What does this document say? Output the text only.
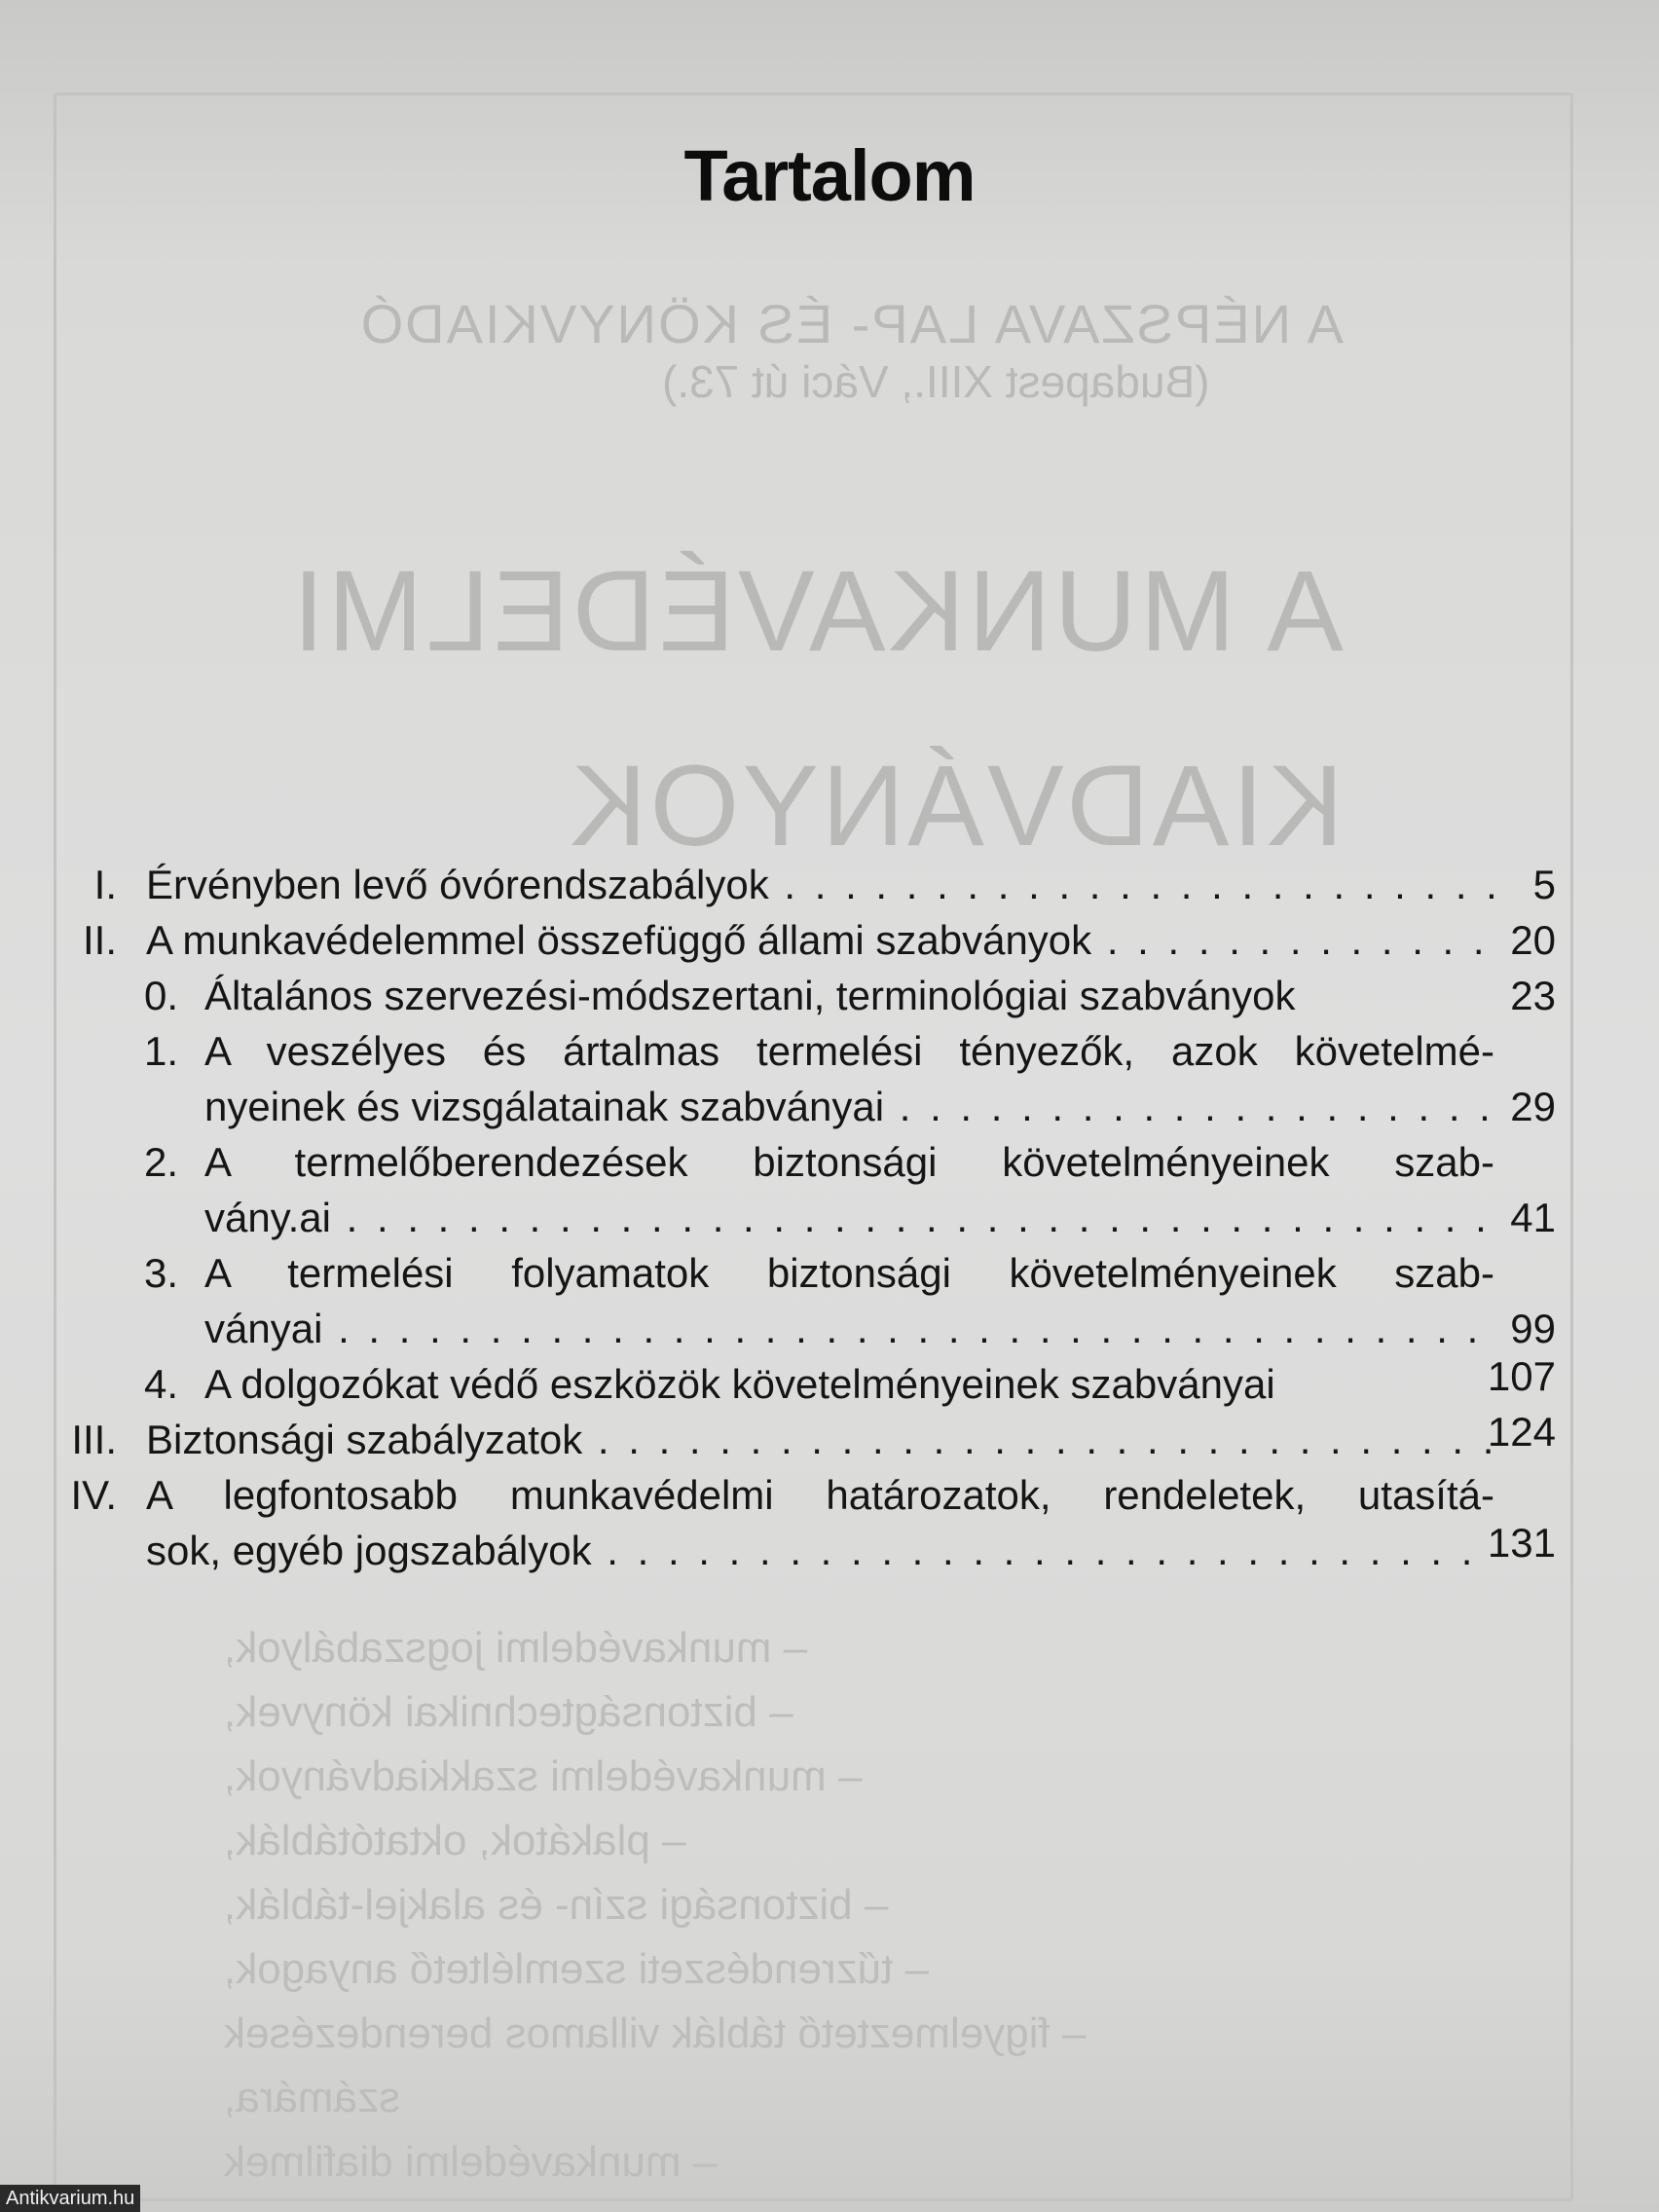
A NÉPSZAVA LAP- ÉS KÖNYVKIADÓ
(Budapest XIII., Váci út 73.)
A MUNKAVÉDELMI
KIADVÁNYOK
– munkavédelmi jogszabályok,
– biztonságtechnikai könyvek,
– munkavédelmi szakkiadványok,
– plakátok, oktatótáblák,
– biztonsági szín- és alakjel-táblák,
– tűzrendészeti szemléltető anyagok,
– figyelmeztető táblák villamos berendezések
számára,
– munkavédelmi diafilmek
Tartalom
I. Érvényben levő óvórendszabályok . . .	5
II. A munkavédelemmel összefüggő állami szabványok . . .	20
0. Általános szervezési-módszertani, terminológiai szabványok	23
1. A veszélyes és ártalmas termelési tényezők, azok követelmé-
nyeinek és vizsgálatainak szabványai . . .	29
2. A termelőberendezések biztonsági követelményeinek szab-
vány.ai . . .	41
3. A termelési folyamatok biztonsági követelményeinek szab-
ványai . . .	99
4. A dolgozókat védő eszközök követelményeinek szabványai	107
III. Biztonsági szabályzatok . . .	124
IV. A legfontosabb munkavédelmi határozatok, rendeletek, utasítá-
sok, egyéb jogszabályok . . .	131
Antikvarium.hu
